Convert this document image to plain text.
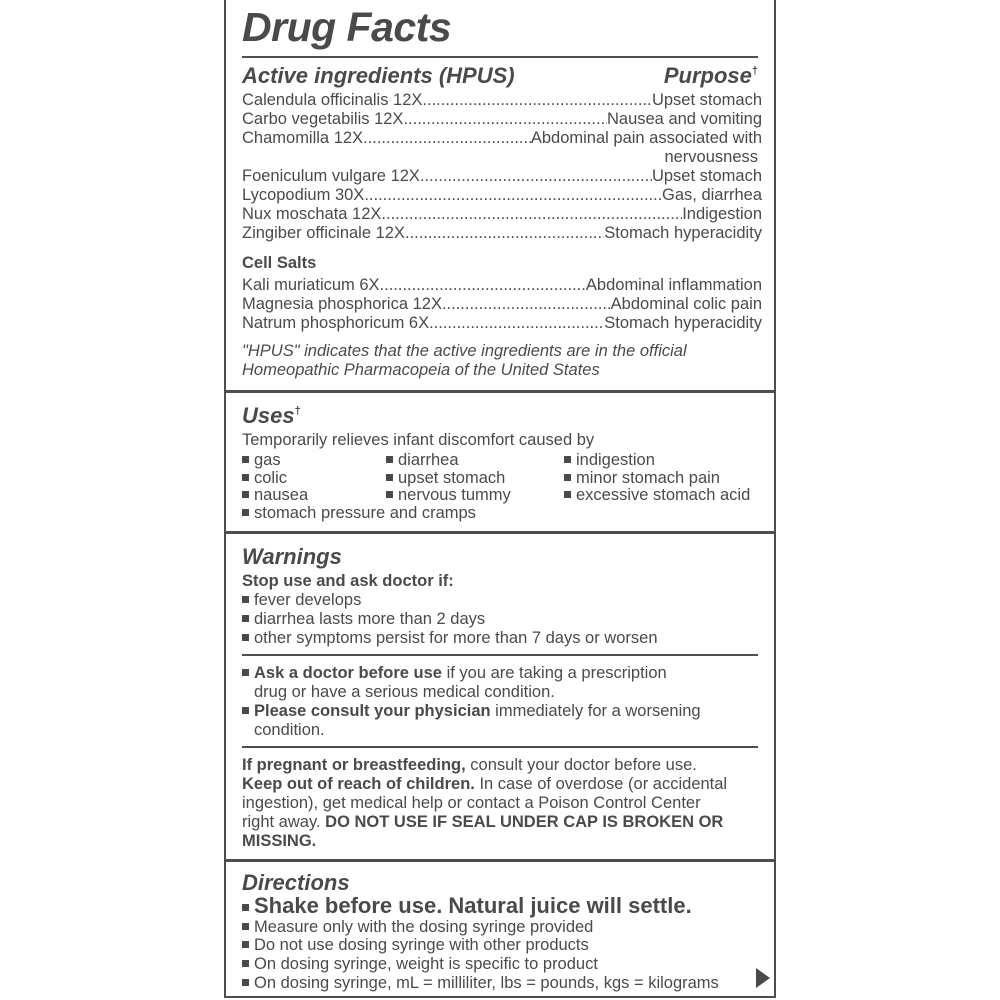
Drug Facts
Active ingredients (HPUS)	Purpose†
Calendula officinalis 12X .....	Upset stomach
Carbo vegetabilis 12X .....	Nausea and vomiting
Chamomilla 12X .....	Abdominal pain associated with
nervousness
Foeniculum vulgare 12X .....	Upset stomach
Lycopodium 30X .....	Gas, diarrhea
Nux moschata 12X .....	Indigestion
Zingiber officinale 12X .....	Stomach hyperacidity
Cell Salts
Kali muriaticum 6X .....	Abdominal inflammation
Magnesia phosphorica 12X .....	Abdominal colic pain
Natrum phosphoricum 6X .....	Stomach hyperacidity
"HPUS" indicates that the active ingredients are in the official
Homeopathic Pharmacopeia of the United States
Uses†
Temporarily relieves infant discomfort caused by
gas	diarrhea	indigestion
colic	upset stomach	minor stomach pain
nausea	nervous tummy	excessive stomach acid
stomach pressure and cramps
Warnings
Stop use and ask doctor if:
fever develops
diarrhea lasts more than 2 days
other symptoms persist for more than 7 days or worsen
Ask a doctor before use if you are taking a prescription
drug or have a serious medical condition.
Please consult your physician immediately for a worsening
condition.
If pregnant or breastfeeding, consult your doctor before use.
Keep out of reach of children. In case of overdose (or accidental
ingestion), get medical help or contact a Poison Control Center
right away. DO NOT USE IF SEAL UNDER CAP IS BROKEN OR
MISSING.
Directions
Shake before use. Natural juice will settle.
Measure only with the dosing syringe provided
Do not use dosing syringe with other products
On dosing syringe, weight is specific to product
On dosing syringe, mL = milliliter, lbs = pounds, kgs = kilograms
